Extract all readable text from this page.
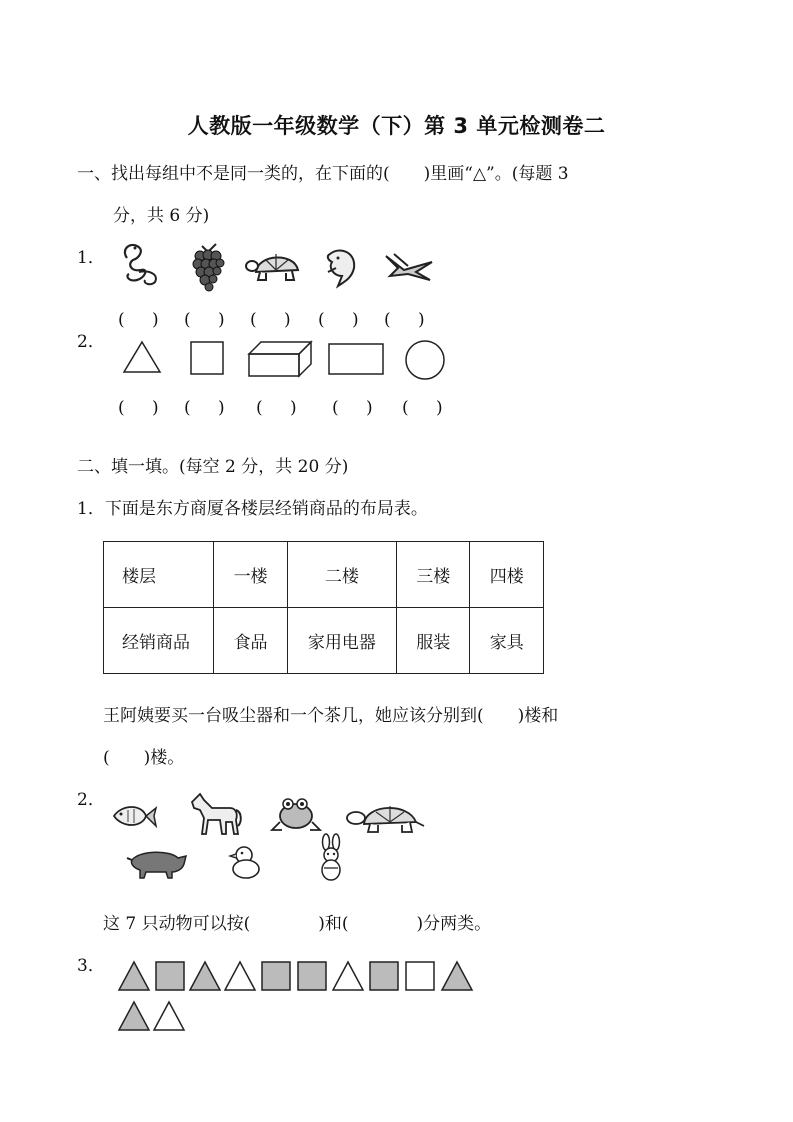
人教版一年级数学（下）第 3 单元检测卷二
一、找出每组中不是同一类的，在下面的(　　)里画“△”。(每题 3
分，共 6 分)
1．
( )	( )	( )	( )	( )
2．
( )	( )	( )	( )	( )
二、填一填。(每空 2 分，共 20 分)
1．下面是东方商厦各楼层经销商品的布局表。
楼层	一楼	二楼	三楼	四楼
经销商品	食品	家用电器	服装	家具
王阿姨要买一台吸尘器和一个茶几，她应该分别到(　　)楼和
(　　)楼。
2．
这 7 只动物可以按(　　　　)和(　　　　)分两类。
3．
